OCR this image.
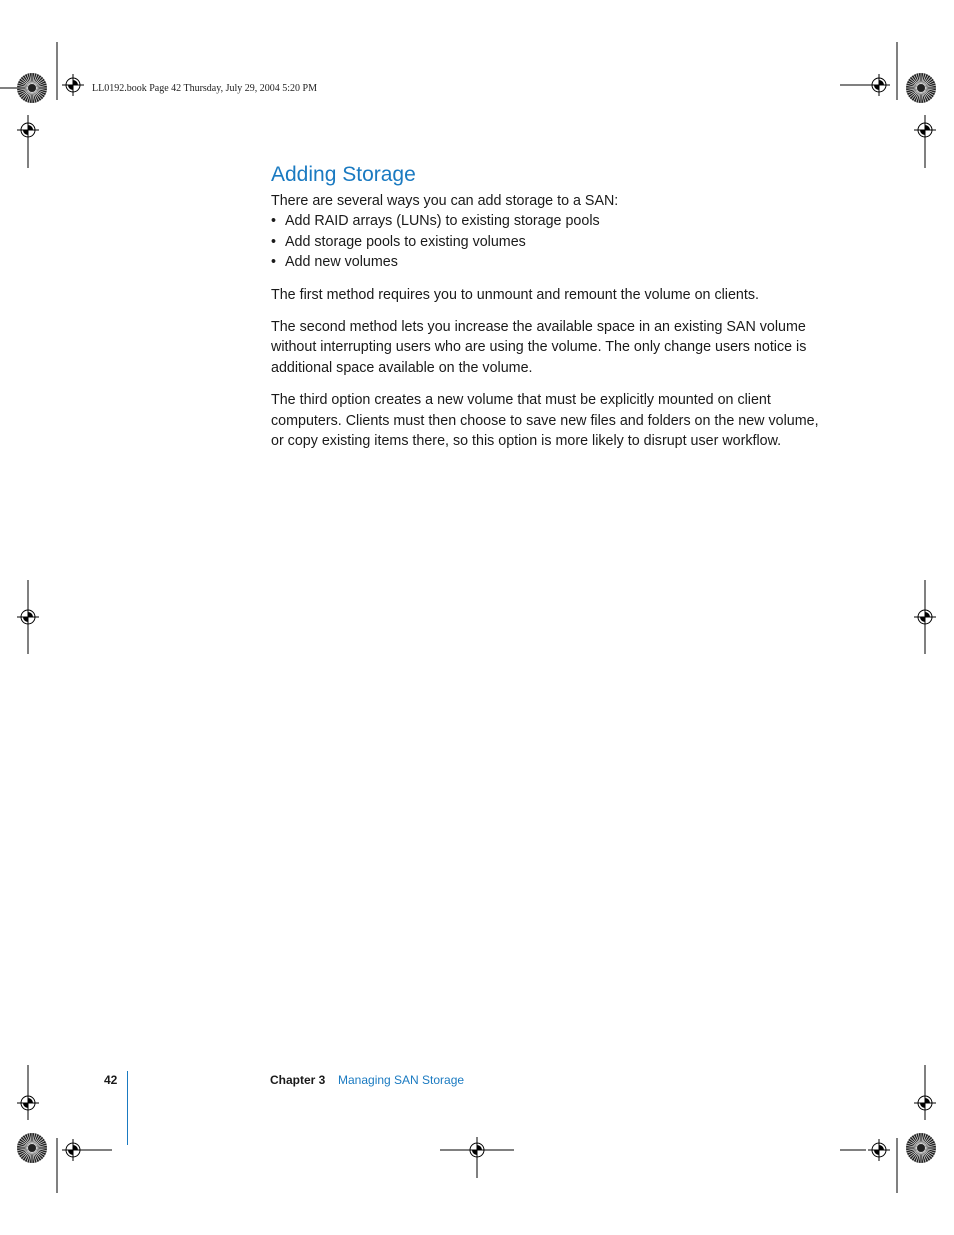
LL0192.book Page 42 Thursday, July 29, 2004 5:20 PM
Adding Storage

There are several ways you can add storage to a SAN:

• Add RAID arrays (LUNs) to existing storage pools
• Add storage pools to existing volumes
• Add new volumes

The first method requires you to unmount and remount the volume on clients.

The second method lets you increase the available space in an existing SAN volume without interrupting users who are using the volume. The only change users notice is additional space available on the volume.

The third option creates a new volume that must be explicitly mounted on client computers. Clients must then choose to save new files and folders on the new volume, or copy existing items there, so this option is more likely to disrupt user workflow.

42	Chapter 3 Managing SAN Storage
